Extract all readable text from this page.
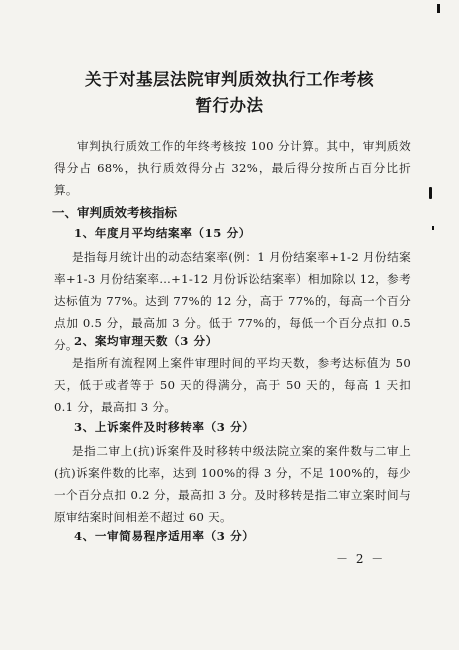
关于对基层法院审判质效执行工作考核
暂行办法

审判执行质效工作的年终考核按 100 分计算。其中，审判质效得分占 68%，执行质效得分占 32%，最后得分按所占百分比折算。

一、审判质效考核指标
1、年度月平均结案率（15 分）

是指每月统计出的动态结案率(例：1 月份结案率+1-2 月份结案率+1-3 月份结案率…+1-12 月份诉讼结案率）相加除以 12，参考达标值为 77%。达到 77%的 12 分，高于 77%的，每高一个百分点加 0.5 分，最高加 3 分。低于 77%的，每低一个百分点扣 0.5 分。

2、案均审理天数（3 分）

是指所有流程网上案件审理时间的平均天数，参考达标值为 50 天，低于或者等于 50 天的得满分，高于 50 天的，每高 1 天扣 0.1 分，最高扣 3 分。

3、上诉案件及时移转率（3 分）

是指二审上(抗)诉案件及时移转中级法院立案的案件数与二审上(抗)诉案件数的比率，达到 100%的得 3 分，不足 100%的，每少一个百分点扣 0.2 分，最高扣 3 分。及时移转是指二审立案时间与原审结案时间相差不超过 60 天。

4、一审简易程序适用率（3 分）

－ 2 －
